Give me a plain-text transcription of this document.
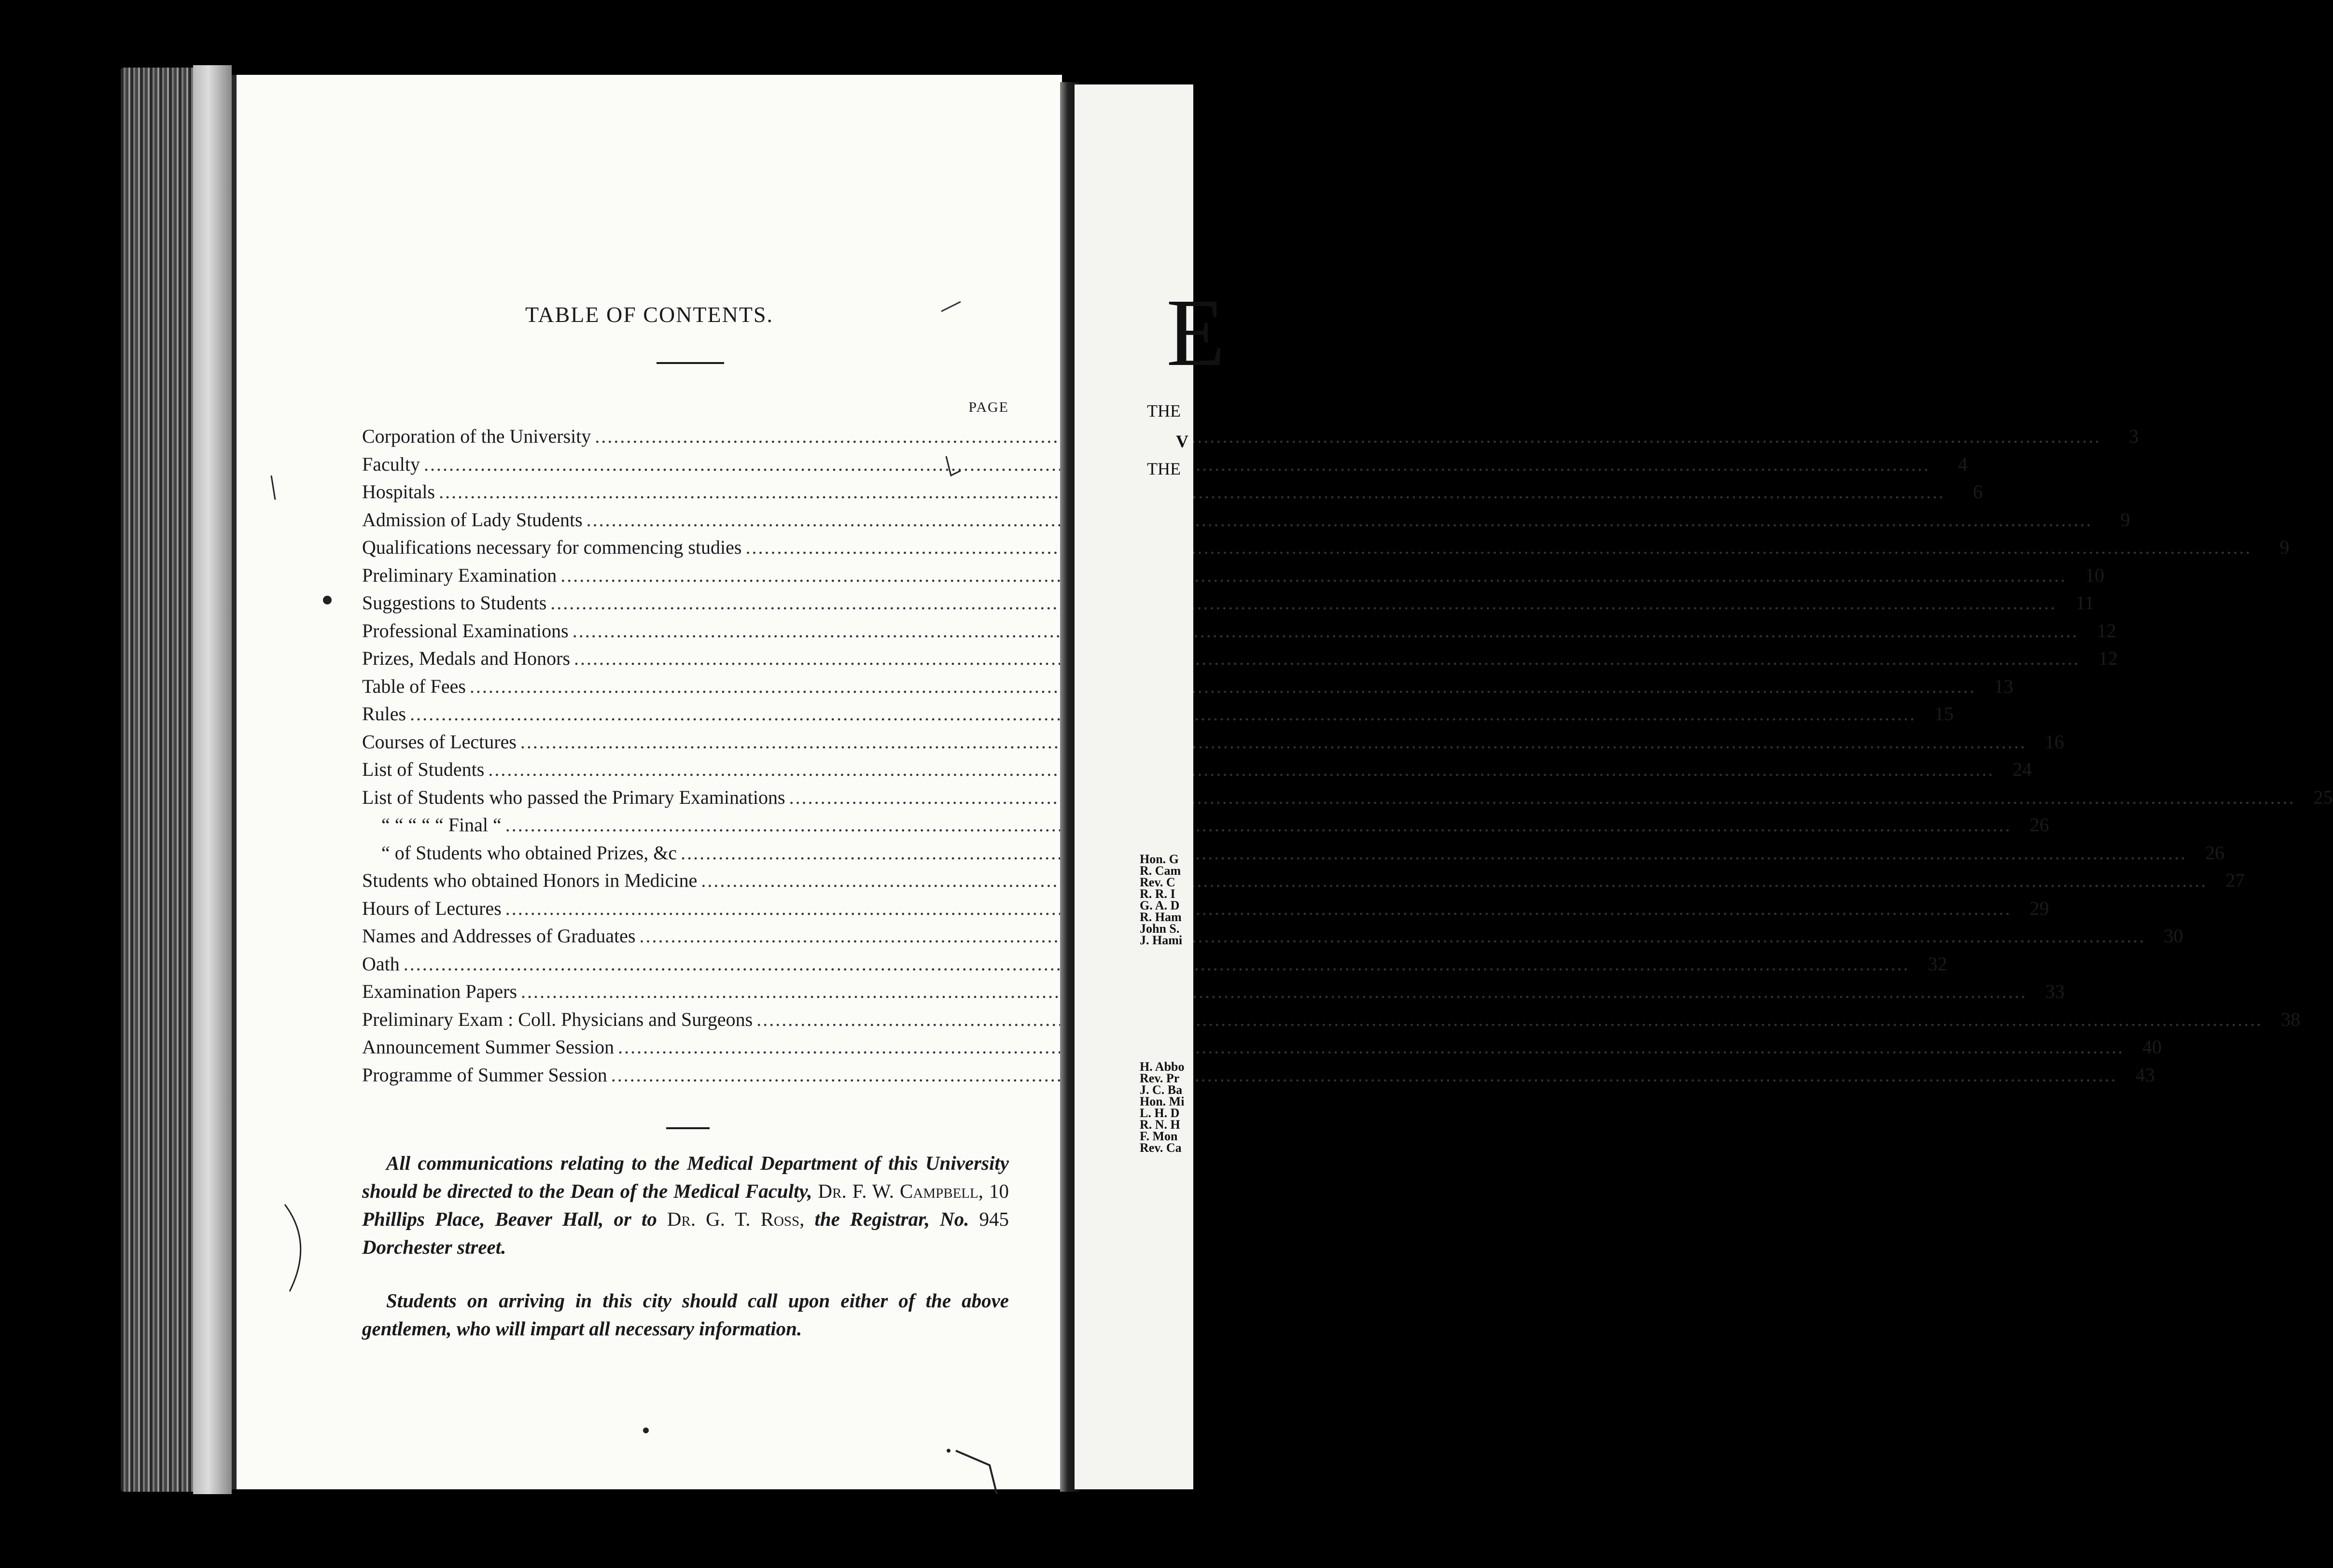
TABLE OF CONTENTS.
PAGE
Corporation of the University .....	3
Faculty .....	4
Hospitals .....	6
Admission of Lady Students .....	9
Qualifications necessary for commencing studies .....	9
Preliminary Examination .....	10
Suggestions to Students .....	11
Professional Examinations .....	12
Prizes, Medals and Honors .....	12
Table of Fees .....	13
Rules .....	15
Courses of Lectures .....	16
List of Students .....	24
List of Students who passed the Primary Examinations .....	25
“ “ “ “ “ Final “ .....	26
“ of Students who obtained Prizes, &c .....	26
Students who obtained Honors in Medicine .....	27
Hours of Lectures .....	29
Names and Addresses of Graduates .....	30
Oath .....	32
Examination Papers .....	33
Preliminary Exam : Coll. Physicians and Surgeons .....	38
Announcement Summer Session .....	40
Programme of Summer Session .....	43
All communications relating to the Medical Department of this University should be directed to the Dean of the Medical Faculty, Dr. F. W. Campbell, 10 Phillips Place, Beaver Hall, or to Dr. G. T. Ross, the Registrar, No. 945 Dorchester street.
Students on arriving in this city should call upon either of the above gentlemen, who will impart all necessary information.
E
THE
V
THE
Hon. G
R. Cam
Rev. C
R. R. I
G. A. D
R. Ham
John S.
J. Hami
H. Abbo
Rev. Pr
J. C. Ba
Hon. Mi
L. H. D
R. N. H
F. Mon
Rev. Ca
